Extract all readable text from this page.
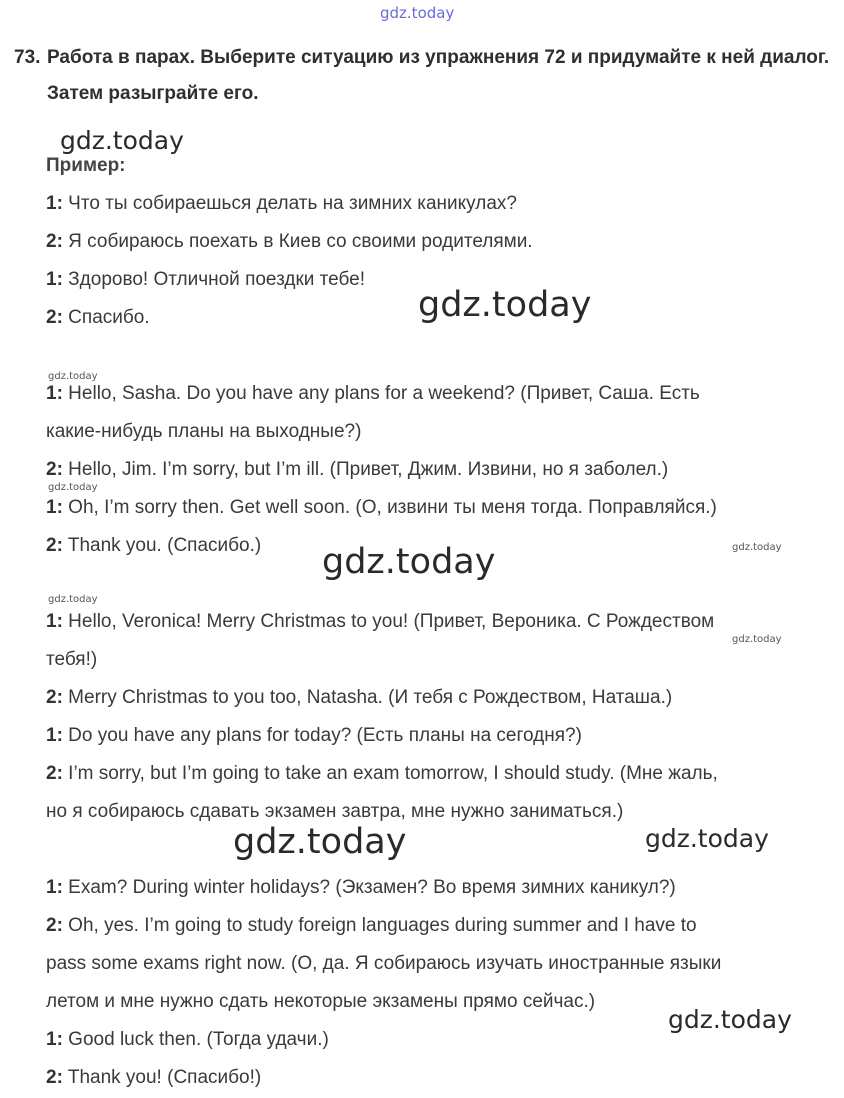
gdz.today
gdz.today
gdz.today
gdz.today
gdz.today	gdz.today
gdz.today
gdz.today
gdz.today
gdz.today
gdz.today
gdz.today
73. Работа в парах. Выберите ситуацию из упражнения 72 и придумайте к ней диалог. Затем разыграйте его.
Пример:
1: Что ты собираешься делать на зимних каникулах?
2: Я собираюсь поехать в Киев со своими родителями.
1: Здорово! Отличной поездки тебе!
2: Спасибо.
1: Hello, Sasha. Do you have any plans for a weekend? (Привет, Саша. Есть
какие-нибудь планы на выходные?)
2: Hello, Jim. I’m sorry, but I’m ill. (Привет, Джим. Извини, но я заболел.)
1: Oh, I’m sorry then. Get well soon. (О, извини ты меня тогда. Поправляйся.)
2: Thank you. (Спасибо.)
1: Hello, Veronica! Merry Christmas to you! (Привет, Вероника. С Рождеством
тебя!)
2: Merry Christmas to you too, Natasha. (И тебя с Рождеством, Наташа.)
1: Do you have any plans for today? (Есть планы на сегодня?)
2: I’m sorry, but I’m going to take an exam tomorrow, I should study. (Мне жаль,
но я собираюсь сдавать экзамен завтра, мне нужно заниматься.)
1: Exam? During winter holidays? (Экзамен? Во время зимних каникул?)
2: Oh, yes. I’m going to study foreign languages during summer and I have to
pass some exams right now. (О, да. Я собираюсь изучать иностранные языки
летом и мне нужно сдать некоторые экзамены прямо сейчас.)
1: Good luck then. (Тогда удачи.)
2: Thank you! (Спасибо!)
